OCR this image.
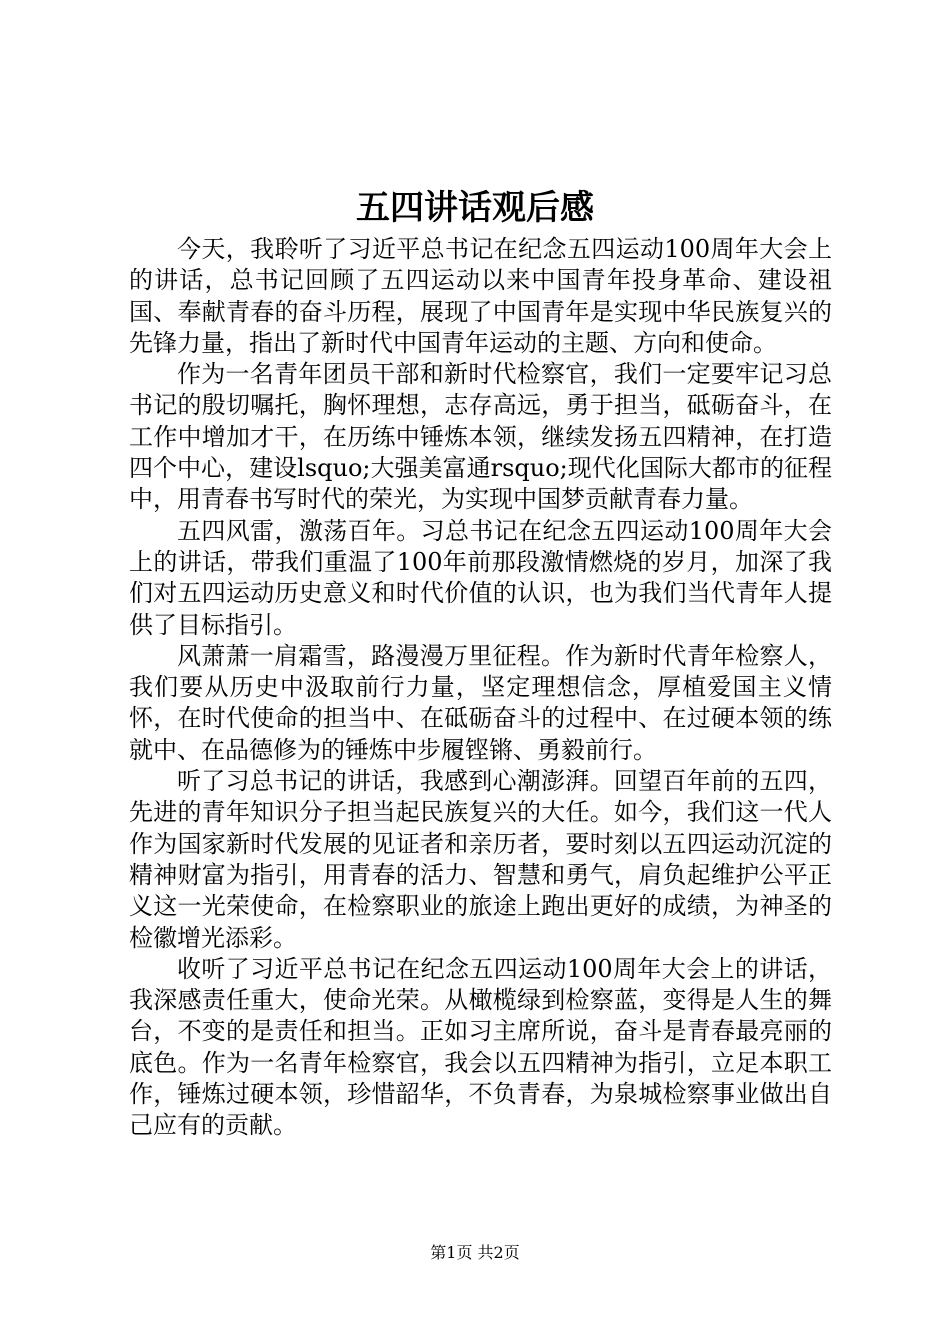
五四讲话观后感

今天，我聆听了习近平总书记在纪念五四运动100周年大会上的讲话，总书记回顾了五四运动以来中国青年投身革命、建设祖国、奉献青春的奋斗历程，展现了中国青年是实现中华民族复兴的先锋力量，指出了新时代中国青年运动的主题、方向和使命。

作为一名青年团员干部和新时代检察官，我们一定要牢记习总书记的殷切嘱托，胸怀理想，志存高远，勇于担当，砥砺奋斗，在工作中增加才干，在历练中锤炼本领，继续发扬五四精神，在打造四个中心，建设lsquo;大强美富通rsquo;现代化国际大都市的征程中，用青春书写时代的荣光，为实现中国梦贡献青春力量。

五四风雷，激荡百年。习总书记在纪念五四运动100周年大会上的讲话，带我们重温了100年前那段激情燃烧的岁月，加深了我们对五四运动历史意义和时代价值的认识，也为我们当代青年人提供了目标指引。

风萧萧一肩霜雪，路漫漫万里征程。作为新时代青年检察人，我们要从历史中汲取前行力量，坚定理想信念，厚植爱国主义情怀，在时代使命的担当中、在砥砺奋斗的过程中、在过硬本领的练就中、在品德修为的锤炼中步履铿锵、勇毅前行。

听了习总书记的讲话，我感到心潮澎湃。回望百年前的五四，先进的青年知识分子担当起民族复兴的大任。如今，我们这一代人作为国家新时代发展的见证者和亲历者，要时刻以五四运动沉淀的精神财富为指引，用青春的活力、智慧和勇气，肩负起维护公平正义这一光荣使命，在检察职业的旅途上跑出更好的成绩，为神圣的检徽增光添彩。

收听了习近平总书记在纪念五四运动100周年大会上的讲话，我深感责任重大，使命光荣。从橄榄绿到检察蓝，变得是人生的舞台，不变的是责任和担当。正如习主席所说，奋斗是青春最亮丽的底色。作为一名青年检察官，我会以五四精神为指引，立足本职工作，锤炼过硬本领，珍惜韶华，不负青春，为泉城检察事业做出自己应有的贡献。

第1页 共2页
